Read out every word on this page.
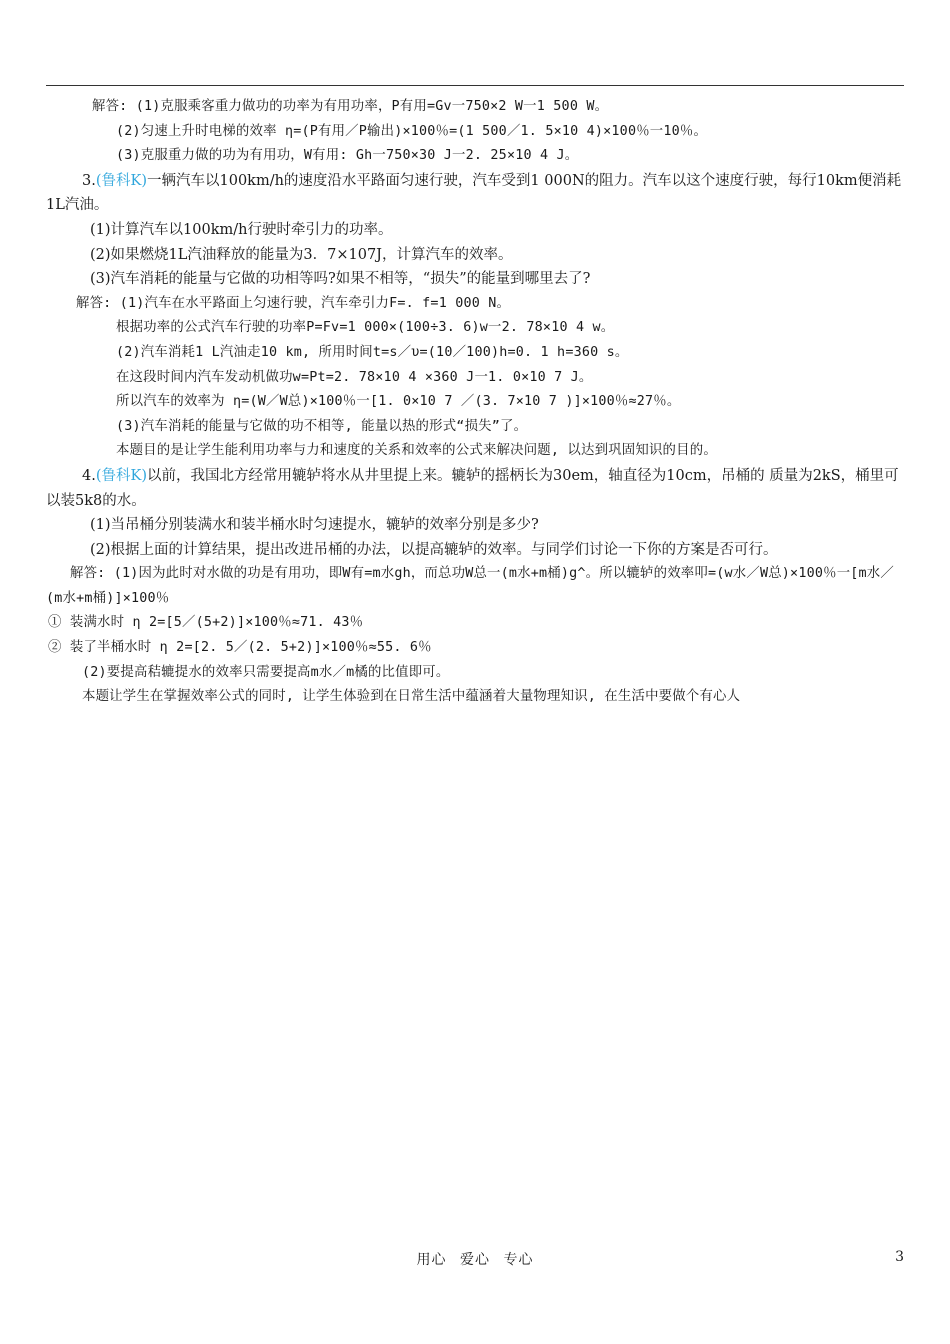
解答: (1)克服乘客重力做功的功率为有用功率，P有用=Gv一750×2 W一1 500 W。
(2)匀速上升时电梯的效率 η=(P有用／P输出)×100％=(1 500／1. 5×10 4)×100％一10％。
(3)克服重力做的功为有用功，W有用: Gh一750×30 J一2. 25×10 4 J。
3.(鲁科K)一辆汽车以100km/h的速度沿水平路面匀速行驶，汽车受到1 000N的阻力。汽车以这个速度行驶，每行10km便消耗1L汽油。
(1)计算汽车以100km/h行驶时牵引力的功率。
(2)如果燃烧1L汽油释放的能量为3．7×107J，计算汽车的效率。
(3)汽车消耗的能量与它做的功相等吗?如果不相等，“损失”的能量到哪里去了?
解答: (1)汽车在水平路面上匀速行驶，汽车牵引力F=. f=1 000 N。
根据功率的公式汽车行驶的功率P=Fv=1 000×(100÷3. 6)w一2. 78×10 4 w。
(2)汽车消耗1 L汽油走10 km, 所用时间t=s／υ=(10／100)h=0. 1 h=360 s。
在这段时间内汽车发动机做功w=Pt=2. 78×10 4 ×360 J一1. 0×10 7 J。
所以汽车的效率为 η=(W／W总)×100％一[1. 0×10 7 ／(3. 7×10 7 )]×100％≈27％。
(3)汽车消耗的能量与它做的功不相等, 能量以热的形式“损失”了。
本题目的是让学生能利用功率与力和速度的关系和效率的公式来解决问题, 以达到巩固知识的目的。
4.(鲁科K)以前，我国北方经常用辘轳将水从井里提上来。辘轳的摇柄长为30em，轴直径为10cm，吊桶的 质量为2kS，桶里可以装5k8的水。
(1)当吊桶分别装满水和装半桶水时匀速提水，辘轳的效率分别是多少?
(2)根据上面的计算结果，提出改进吊桶的办法，以提高辘轳的效率。与同学们讨论一下你的方案是否可行。
解答: (1)因为此时对水做的功是有用功，即W有=m水gh，而总功W总一(m水+m桶)g^。所以辘轳的效率叩=(w水／W总)×100％一[m水／(m水+m桶)]×100％
① 装满水时 η 2=[5／(5+2)]×100％≈71. 43％
② 装了半桶水时 η 2=[2. 5／(2. 5+2)]×100％≈55. 6％
(2)要提高秸辘提水的效率只需要提高m水／m橘的比值即可。
本题让学生在掌握效率公式的同时, 让学生体验到在日常生活中蕴涵着大量物理知识, 在生活中要做个有心人
用心 爱心 专心	3
